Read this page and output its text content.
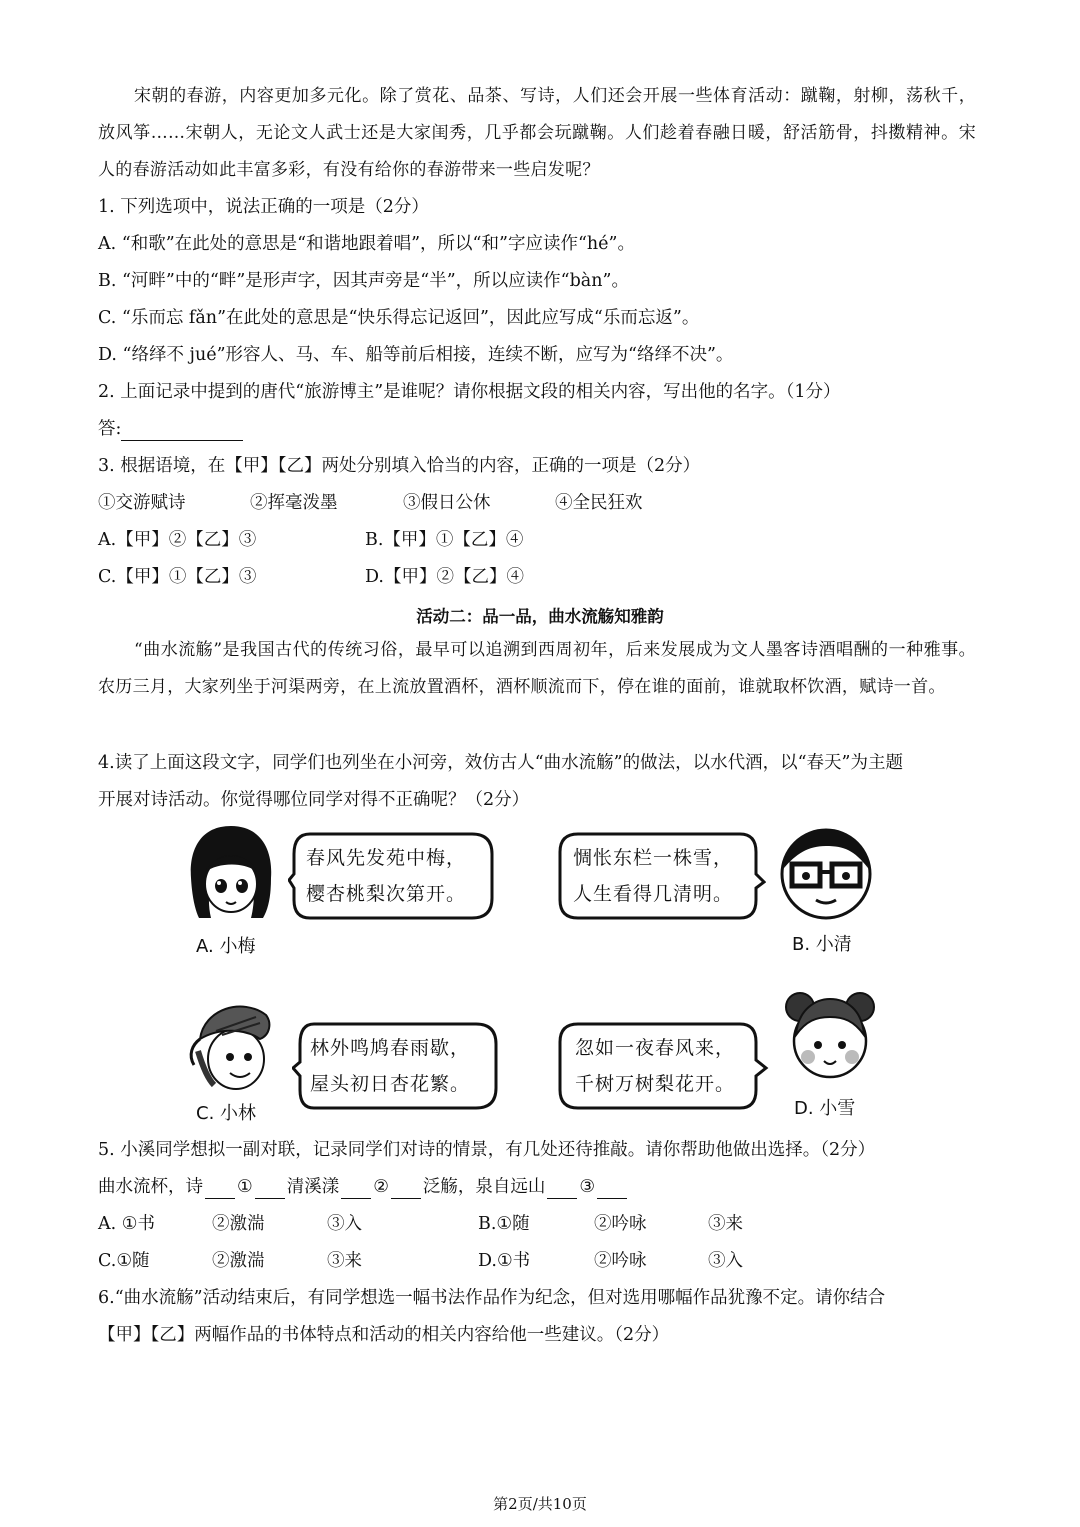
宋朝的春游，内容更加多元化。除了赏花、品茶、写诗，人们还会开展一些体育活动：蹴鞠，射柳，荡秋千，放风筝……宋朝人，无论文人武士还是大家闺秀，几乎都会玩蹴鞠。人们趁着春融日暖，舒活筋骨，抖擞精神。宋人的春游活动如此丰富多彩，有没有给你的春游带来一些启发呢？
1. 下列选项中，说法正确的一项是（2分）
A. “和歌”在此处的意思是“和谐地跟着唱”，所以“和”字应读作“hé”。
B. “河畔”中的“畔”是形声字，因其声旁是“半”，所以应读作“bàn”。
C. “乐而忘 fǎn”在此处的意思是“快乐得忘记返回”，因此应写成“乐而忘返”。
D. “络绎不 jué”形容人、马、车、船等前后相接，连续不断，应写为“络绎不决”。
2. 上面记录中提到的唐代“旅游博主”是谁呢？请你根据文段的相关内容，写出他的名字。（1分）
答:
3. 根据语境，在【甲】【乙】两处分别填入恰当的内容，正确的一项是（2分）
①交游赋诗	②挥毫泼墨	③假日公休	④全民狂欢
A.【甲】②【乙】③	B.【甲】①【乙】④
C.【甲】①【乙】③	D.【甲】②【乙】④
活动二：品一品，曲水流觞知雅韵
“曲水流觞”是我国古代的传统习俗，最早可以追溯到西周初年，后来发展成为文人墨客诗酒唱酬的一种雅事。农历三月，大家列坐于河渠两旁，在上流放置酒杯，酒杯顺流而下，停在谁的面前，谁就取杯饮酒，赋诗一首。
4.读了上面这段文字，同学们也列坐在小河旁，效仿古人“曲水流觞”的做法，以水代酒，以“春天”为主题
开展对诗活动。你觉得哪位同学对得不正确呢？（2分）
春风先发苑中梅，
樱杏桃梨次第开。
惆怅东栏一株雪，
人生看得几清明。
林外鸣鸠春雨歇，
屋头初日杏花繁。
忽如一夜春风来，
千树万树梨花开。
A. 小梅	B. 小清
C. 小林	D. 小雪
5. 小溪同学想拟一副对联，记录同学们对诗的情景，有几处还待推敲。请你帮助他做出选择。（2分）
曲水流杯，诗 ① 清溪漾 ② 泛觞，泉自远山 ③
A. ①书	②激湍	③入	B.①随	②吟咏	③来
C.①随	②激湍	③来	D.①书	②吟咏	③入
6.“曲水流觞”活动结束后，有同学想选一幅书法作品作为纪念，但对选用哪幅作品犹豫不定。请你结合
【甲】【乙】两幅作品的书体特点和活动的相关内容给他一些建议。（2分）
第2页/共10页
